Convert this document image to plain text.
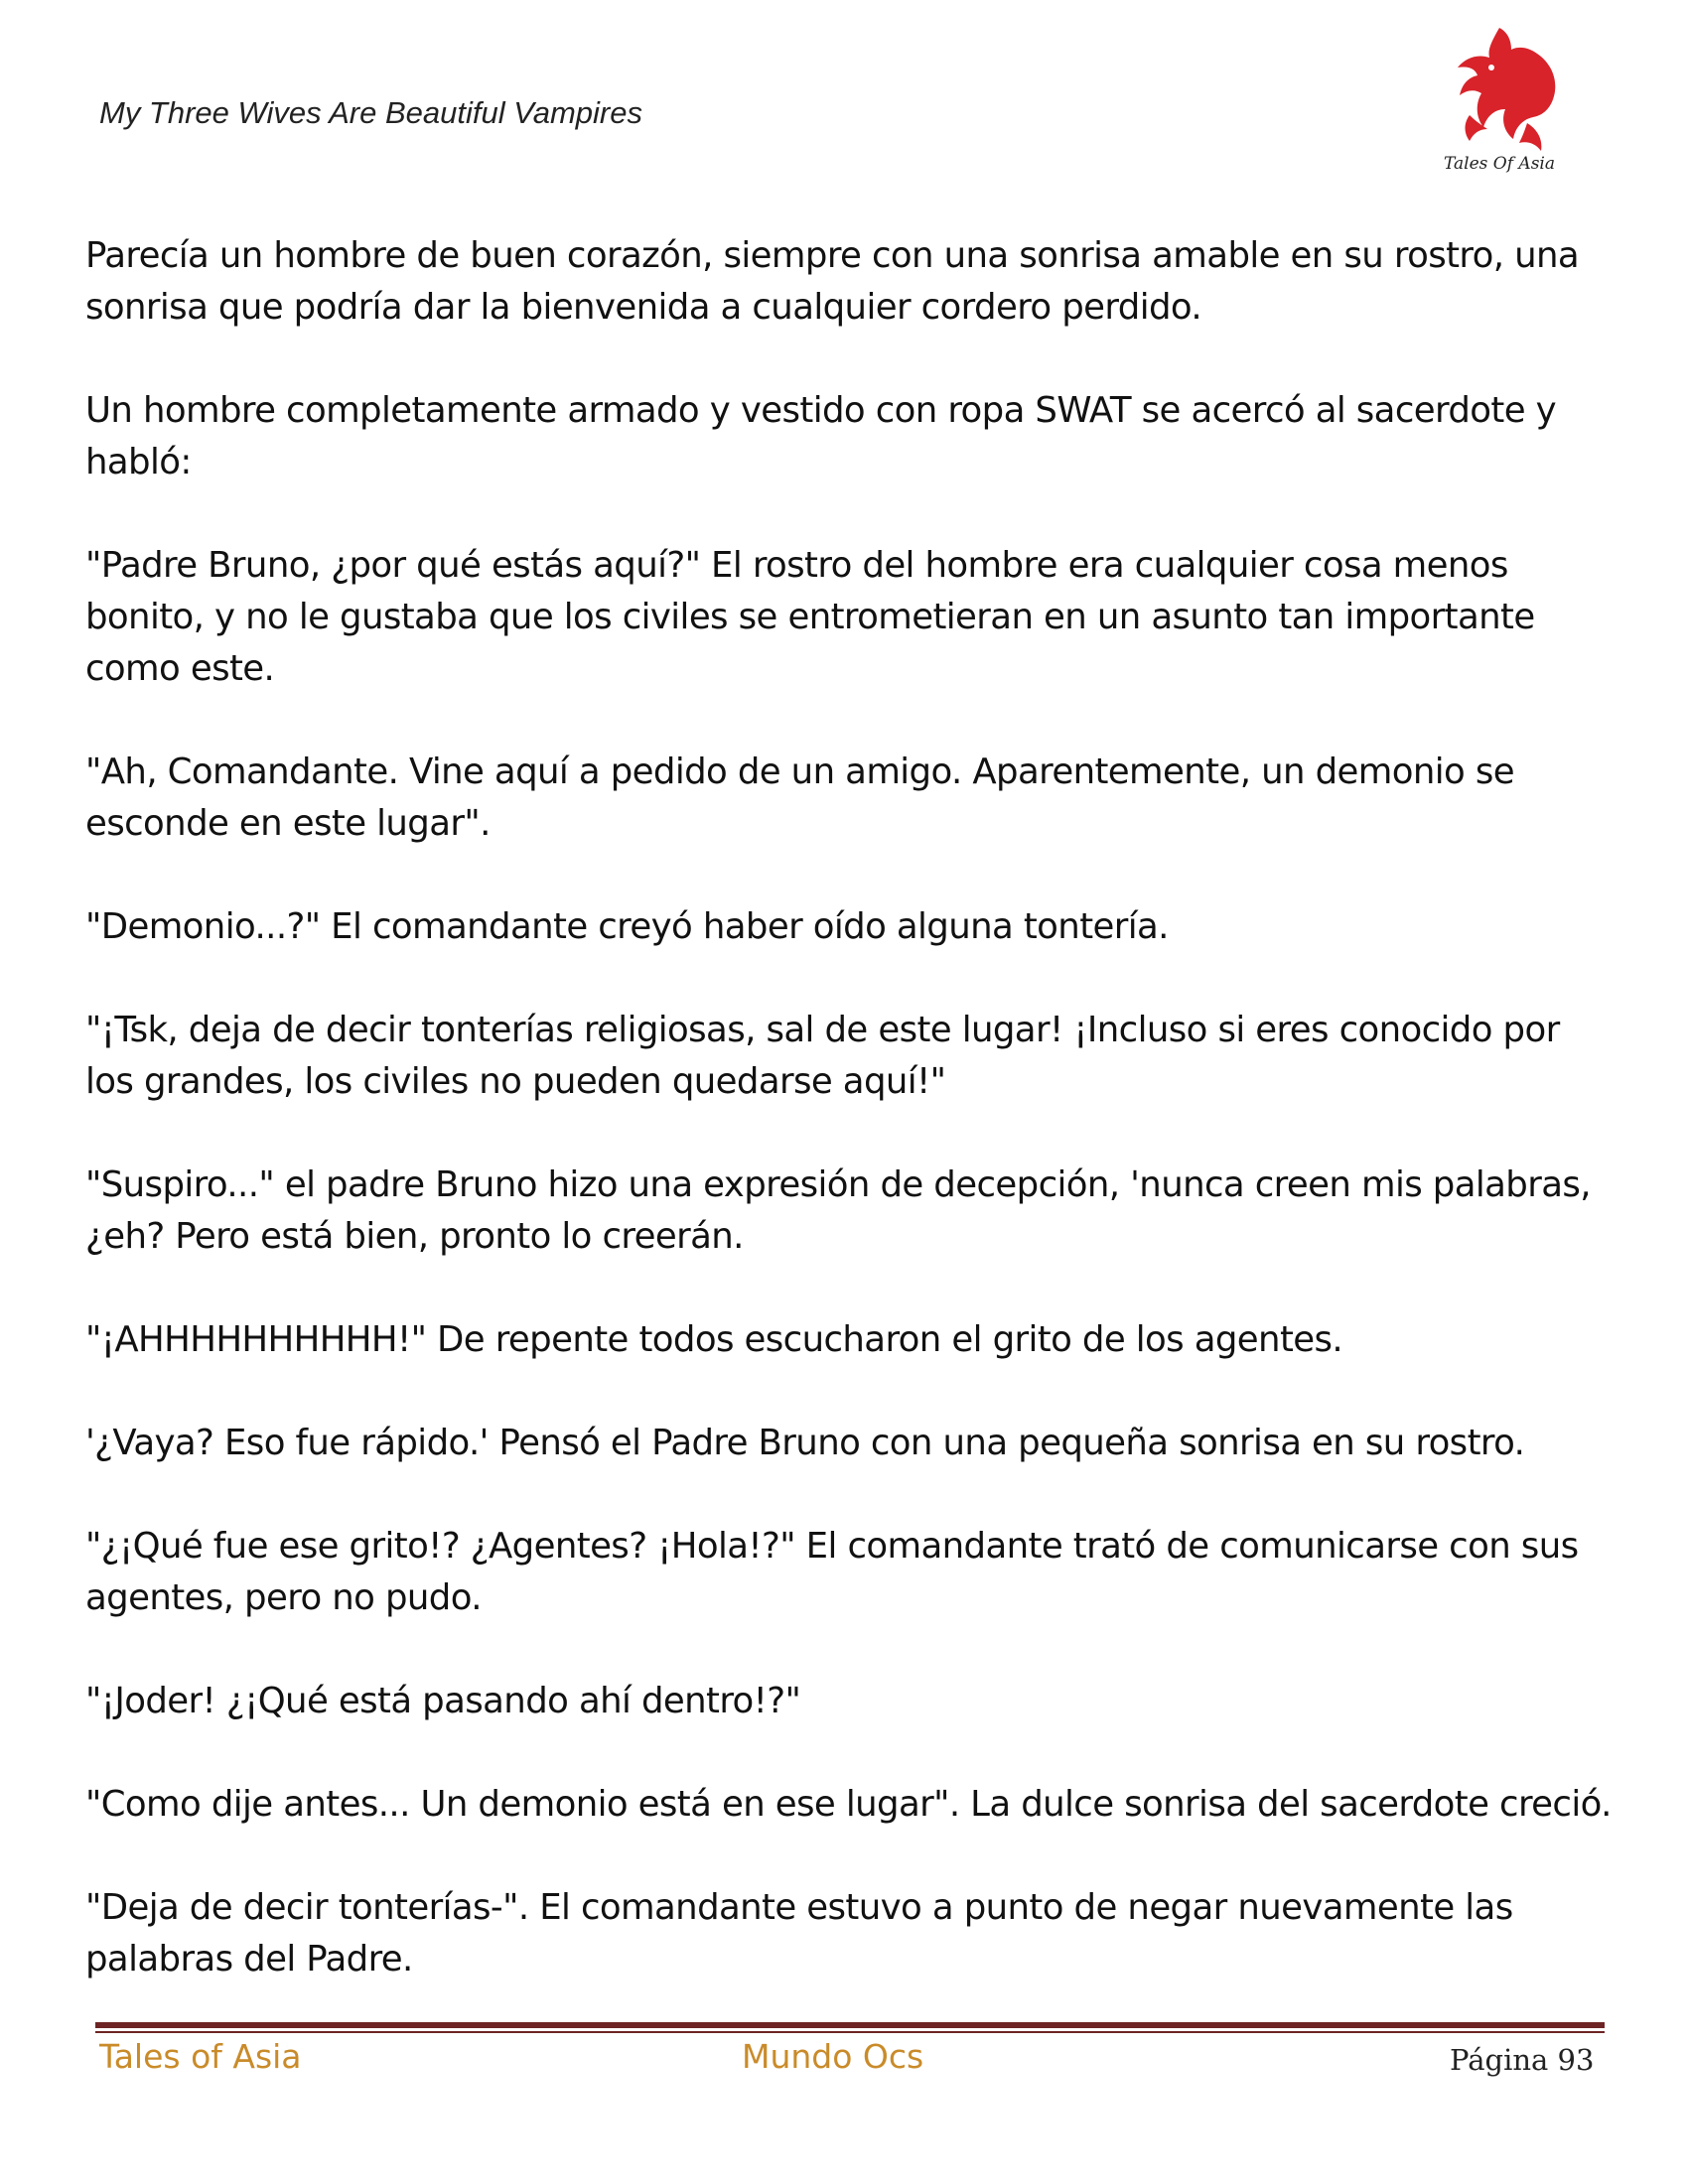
My Three Wives Are Beautiful Vampires
Tales Of Asia

Parecía un hombre de buen corazón, siempre con una sonrisa amable en su rostro, una sonrisa que podría dar la bienvenida a cualquier cordero perdido.

Un hombre completamente armado y vestido con ropa SWAT se acercó al sacerdote y habló:

"Padre Bruno, ¿por qué estás aquí?" El rostro del hombre era cualquier cosa menos bonito, y no le gustaba que los civiles se entrometieran en un asunto tan importante como este.

"Ah, Comandante. Vine aquí a pedido de un amigo. Aparentemente, un demonio se esconde en este lugar".

"Demonio...?" El comandante creyó haber oído alguna tontería.

"¡Tsk, deja de decir tonterías religiosas, sal de este lugar! ¡Incluso si eres conocido por los grandes, los civiles no pueden quedarse aquí!"

"Suspiro..." el padre Bruno hizo una expresión de decepción, 'nunca creen mis palabras, ¿eh? Pero está bien, pronto lo creerán.

"¡AHHHHHHHHHH!" De repente todos escucharon el grito de los agentes.

'¿Vaya? Eso fue rápido.' Pensó el Padre Bruno con una pequeña sonrisa en su rostro.

"¿¡Qué fue ese grito!? ¿Agentes? ¡Hola!?" El comandante trató de comunicarse con sus agentes, pero no pudo.

"¡Joder! ¿¡Qué está pasando ahí dentro!?"

"Como dije antes... Un demonio está en ese lugar". La dulce sonrisa del sacerdote creció.

"Deja de decir tonterías-". El comandante estuvo a punto de negar nuevamente las palabras del Padre.

Tales of Asia	Mundo Ocs	Página 93
